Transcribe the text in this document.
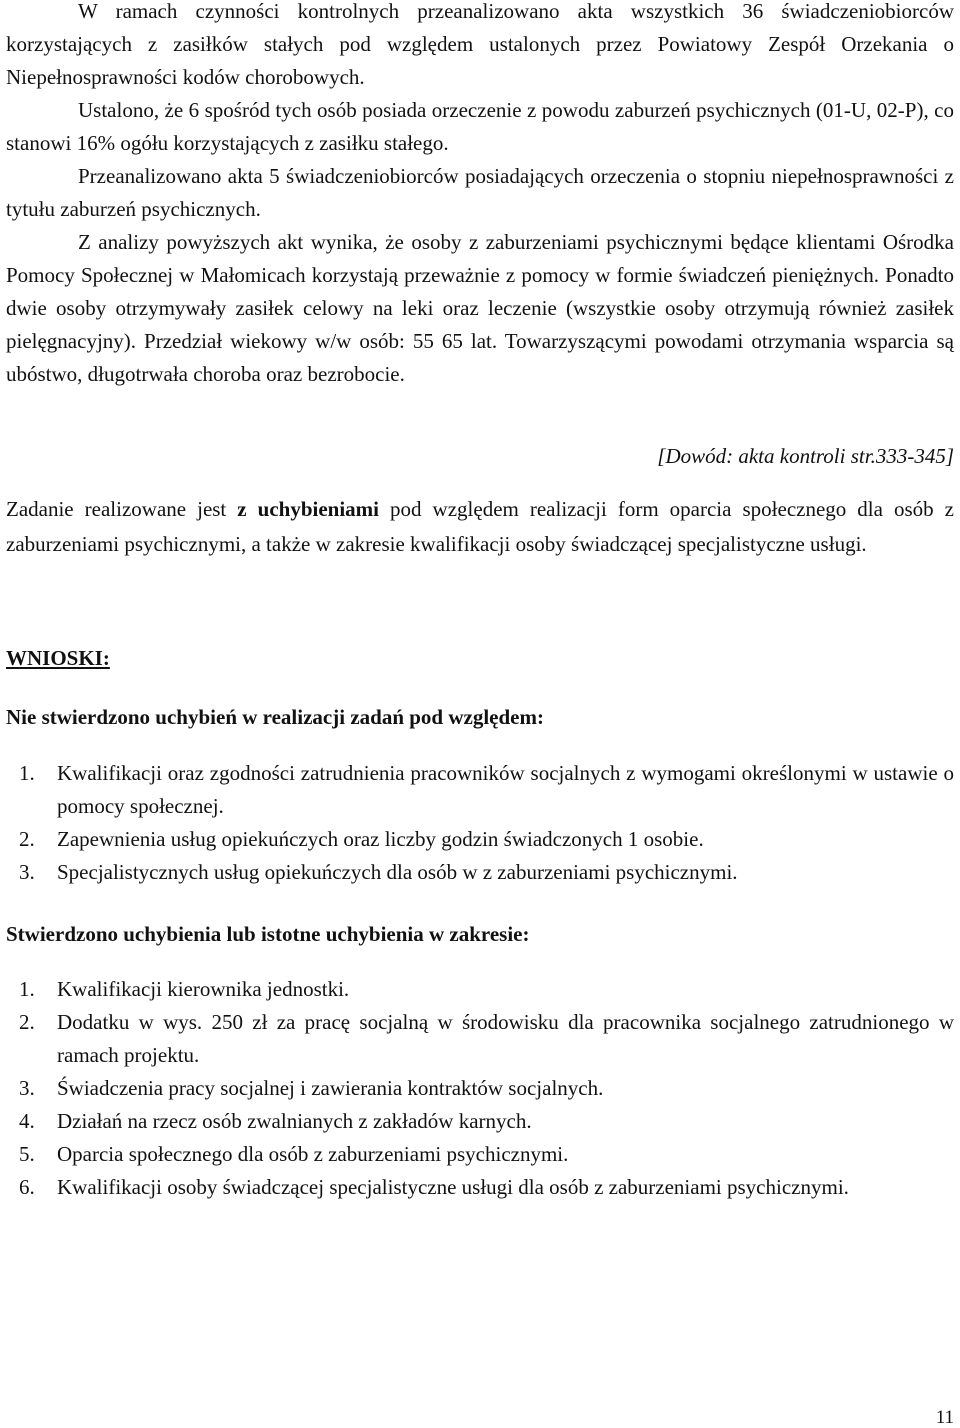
W ramach czynności kontrolnych przeanalizowano akta wszystkich 36 świadczeniobiorców korzystających z zasiłków stałych pod względem ustalonych przez Powiatowy Zespół Orzekania o Niepełnosprawności kodów chorobowych.

Ustalono, że 6 spośród tych osób posiada orzeczenie z powodu zaburzeń psychicznych (01-U, 02-P), co stanowi 16% ogółu korzystających z zasiłku stałego.

Przeanalizowano akta 5 świadczeniobiorców posiadających orzeczenia o stopniu niepełnosprawności z tytułu zaburzeń psychicznych.

Z analizy powyższych akt wynika, że osoby z zaburzeniami psychicznymi będące klientami Ośrodka Pomocy Społecznej w Małomicach korzystają przeważnie z pomocy w formie świadczeń pieniężnych. Ponadto dwie osoby otrzymywały zasiłek celowy na leki oraz leczenie (wszystkie osoby otrzymują również zasiłek pielęgnacyjny). Przedział wiekowy w/w osób: 55 65 lat. Towarzyszącymi powodami otrzymania wsparcia są ubóstwo, długotrwała choroba oraz bezrobocie.

[Dowód: akta kontroli str.333-345]

Zadanie realizowane jest z uchybieniami pod względem realizacji form oparcia społecznego dla osób z zaburzeniami psychicznymi, a także w zakresie kwalifikacji osoby świadczącej specjalistyczne usługi.

WNIOSKI:

Nie stwierdzono uchybień w realizacji zadań pod względem:

1. Kwalifikacji oraz zgodności zatrudnienia pracowników socjalnych z wymogami określonymi w ustawie o pomocy społecznej.
2. Zapewnienia usług opiekuńczych oraz liczby godzin świadczonych 1 osobie.
3. Specjalistycznych usług opiekuńczych dla osób w z zaburzeniami psychicznymi.

Stwierdzono uchybienia lub istotne uchybienia w zakresie:

1. Kwalifikacji kierownika jednostki.
2. Dodatku w wys. 250 zł za pracę socjalną w środowisku dla pracownika socjalnego zatrudnionego w ramach projektu.
3. Świadczenia pracy socjalnej i zawierania kontraktów socjalnych.
4. Działań na rzecz osób zwalnianych z zakładów karnych.
5. Oparcia społecznego dla osób z zaburzeniami psychicznymi.
6. Kwalifikacji osoby świadczącej specjalistyczne usługi dla osób z zaburzeniami psychicznymi.
11
